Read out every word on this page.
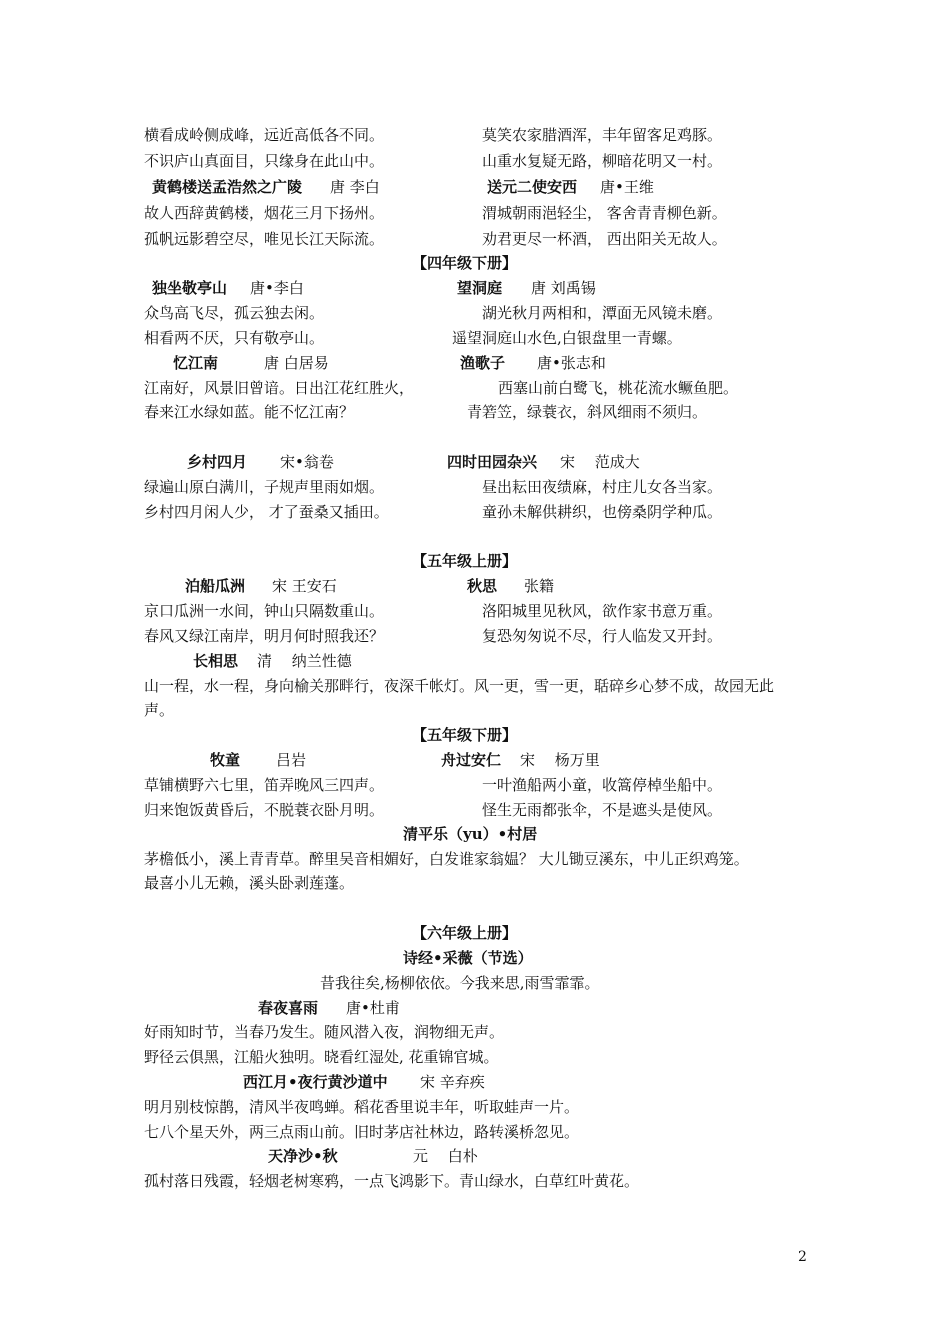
横看成岭侧成峰，远近高低各不同。	莫笑农家腊酒浑，丰年留客足鸡豚。
不识庐山真面目，只缘身在此山中。	山重水复疑无路，柳暗花明又一村。
黄鹤楼送孟浩然之广陵 唐 李白	送元二使安西 唐•王维
故人西辞黄鹤楼，烟花三月下扬州。	渭城朝雨浥轻尘， 客舍青青柳色新。
孤帆远影碧空尽，唯见长江天际流。	劝君更尽一杯酒， 西出阳关无故人。
【四年级下册】
独坐敬亭山 唐•李白	望洞庭 唐 刘禹锡
众鸟高飞尽，孤云独去闲。	湖光秋月两相和，潭面无风镜未磨。
相看两不厌，只有敬亭山。	遥望洞庭山水色,白银盘里一青螺。
忆江南	唐 白居易	渔歌子 唐•张志和
江南好，风景旧曾谙。日出江花红胜火，	西塞山前白鹭飞，桃花流水鳜鱼肥。
春来江水绿如蓝。能不忆江南？	青箬笠，绿蓑衣，斜风细雨不须归。
乡村四月 宋•翁卷	四时田园杂兴 宋 　范成大
绿遍山原白满川，子规声里雨如烟。	昼出耘田夜绩麻，村庄儿女各当家。
乡村四月闲人少， 才了蚕桑又插田。	童孙未解供耕织，也傍桑阴学种瓜。
【五年级上册】
泊船瓜洲 宋 王安石	秋思 张籍
京口瓜洲一水间，钟山只隔数重山。	洛阳城里见秋风，欲作家书意万重。
春风又绿江南岸，明月何时照我还？	复恐匆匆说不尽，行人临发又开封。
长相思 清 　纳兰性德
山一程，水一程，身向榆关那畔行，夜深千帐灯。风一更，雪一更，聒碎乡心梦不成，故园无此
声。
【五年级下册】
牧童 吕岩	舟过安仁 宋 　杨万里
草铺横野六七里，笛弄晚风三四声。	一叶渔船两小童，收篙停棹坐船中。
归来饱饭黄昏后，不脱蓑衣卧月明。	怪生无雨都张伞，不是遮头是使风。
清平乐（yu）•村居
茅檐低小，溪上青青草。醉里吴音相媚好，白发谁家翁媪？ 大儿锄豆溪东，中儿正织鸡笼。
最喜小儿无赖，溪头卧剥莲蓬。
【六年级上册】
诗经•采薇（节选）
昔我往矣,杨柳依依。今我来思,雨雪霏霏。
春夜喜雨 唐•杜甫
好雨知时节，当春乃发生。随风潜入夜，润物细无声。
野径云俱黑，江船火独明。晓看红湿处, 花重锦官城。
西江月•夜行黄沙道中 宋 辛弃疾
明月别枝惊鹊，清风半夜鸣蝉。稻花香里说丰年，听取蛙声一片。
七八个星天外，两三点雨山前。旧时茅店社林边，路转溪桥忽见。
天净沙•秋	元 　白朴
孤村落日残霞，轻烟老树寒鸦，一点飞鸿影下。青山绿水，白草红叶黄花。
2
